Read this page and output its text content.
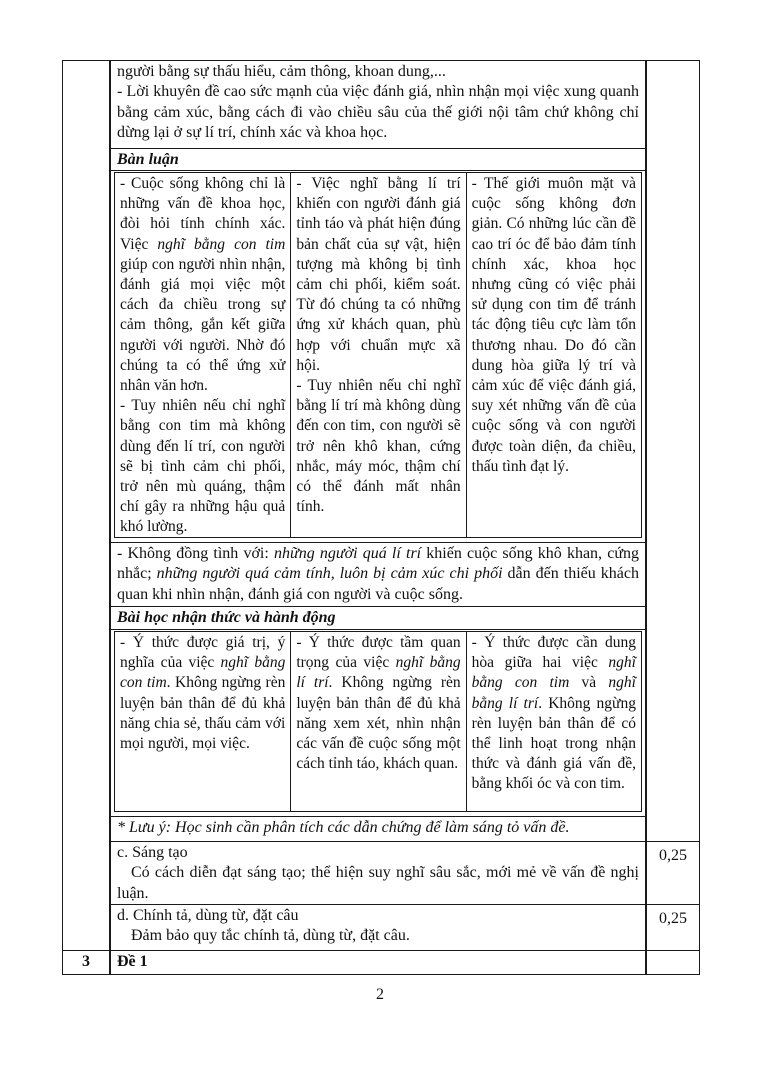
3

người bằng sự thấu hiểu, cảm thông, khoan dung,...

- Lời khuyên đề cao sức mạnh của việc đánh giá, nhìn nhận mọi việc xung quanh bằng cảm xúc, bằng cách đi vào chiều sâu của thế giới nội tâm chứ không chỉ dừng lại ở sự lí trí, chính xác và khoa học.

Bàn luận

- Cuộc sống không chỉ là những vấn đề khoa học, đòi hỏi tính chính xác. Việc nghĩ bằng con tim giúp con người nhìn nhận, đánh giá mọi việc một cách đa chiều trong sự cảm thông, gắn kết giữa người với người. Nhờ đó chúng ta có thể ứng xử nhân văn hơn.

- Tuy nhiên nếu chỉ nghĩ bằng con tim mà không dùng đến lí trí, con người sẽ bị tình cảm chi phối, trở nên mù quáng, thậm chí gây ra những hậu quả khó lường.

- Việc nghĩ bằng lí trí khiến con người đánh giá tỉnh táo và phát hiện đúng bản chất của sự vật, hiện tượng mà không bị tình cảm chi phối, kiểm soát. Từ đó chúng ta có những ứng xử khách quan, phù hợp với chuẩn mực xã hội.

- Tuy nhiên nếu chỉ nghĩ bằng lí trí mà không dùng đến con tim, con người sẽ trở nên khô khan, cứng nhắc, máy móc, thậm chí có thể đánh mất nhân tính.

- Thế giới muôn mặt và cuộc sống không đơn giản. Có những lúc cần đề cao trí óc để bảo đảm tính chính xác, khoa học nhưng cũng có việc phải sử dụng con tim để tránh tác động tiêu cực làm tổn thương nhau. Do đó cần dung hòa giữa lý trí và cảm xúc để việc đánh giá, suy xét những vấn đề của cuộc sống và con người được toàn diện, đa chiều, thấu tình đạt lý.

- Không đồng tình với: những người quá lí trí khiến cuộc sống khô khan, cứng nhắc; những người quá cảm tính, luôn bị cảm xúc chi phối dẫn đến thiếu khách quan khi nhìn nhận, đánh giá con người và cuộc sống.

Bài học nhận thức và hành động

- Ý thức được giá trị, ý nghĩa của việc nghĩ bằng con tim. Không ngừng rèn luyện bản thân để đủ khả năng chia sẻ, thấu cảm với mọi người, mọi việc.

- Ý thức được tầm quan trọng của việc nghĩ bằng lí trí. Không ngừng rèn luyện bản thân để đủ khả năng xem xét, nhìn nhận các vấn đề cuộc sống một cách tỉnh táo, khách quan.

- Ý thức được cần dung hòa giữa hai việc nghĩ bằng con tim và nghĩ bằng lí trí. Không ngừng rèn luyện bản thân để có thể linh hoạt trong nhận thức và đánh giá vấn đề, bằng khối óc và con tim.

* Lưu ý: Học sinh cần phân tích các dẫn chứng để làm sáng tỏ vấn đề.

c. Sáng tạo

Có cách diễn đạt sáng tạo; thể hiện suy nghĩ sâu sắc, mới mẻ về vấn đề nghị luận.

d. Chính tả, dùng từ, đặt câu

Đảm bảo quy tắc chính tả, dùng từ, đặt câu.

Đề 1

0,25
0,25
2
